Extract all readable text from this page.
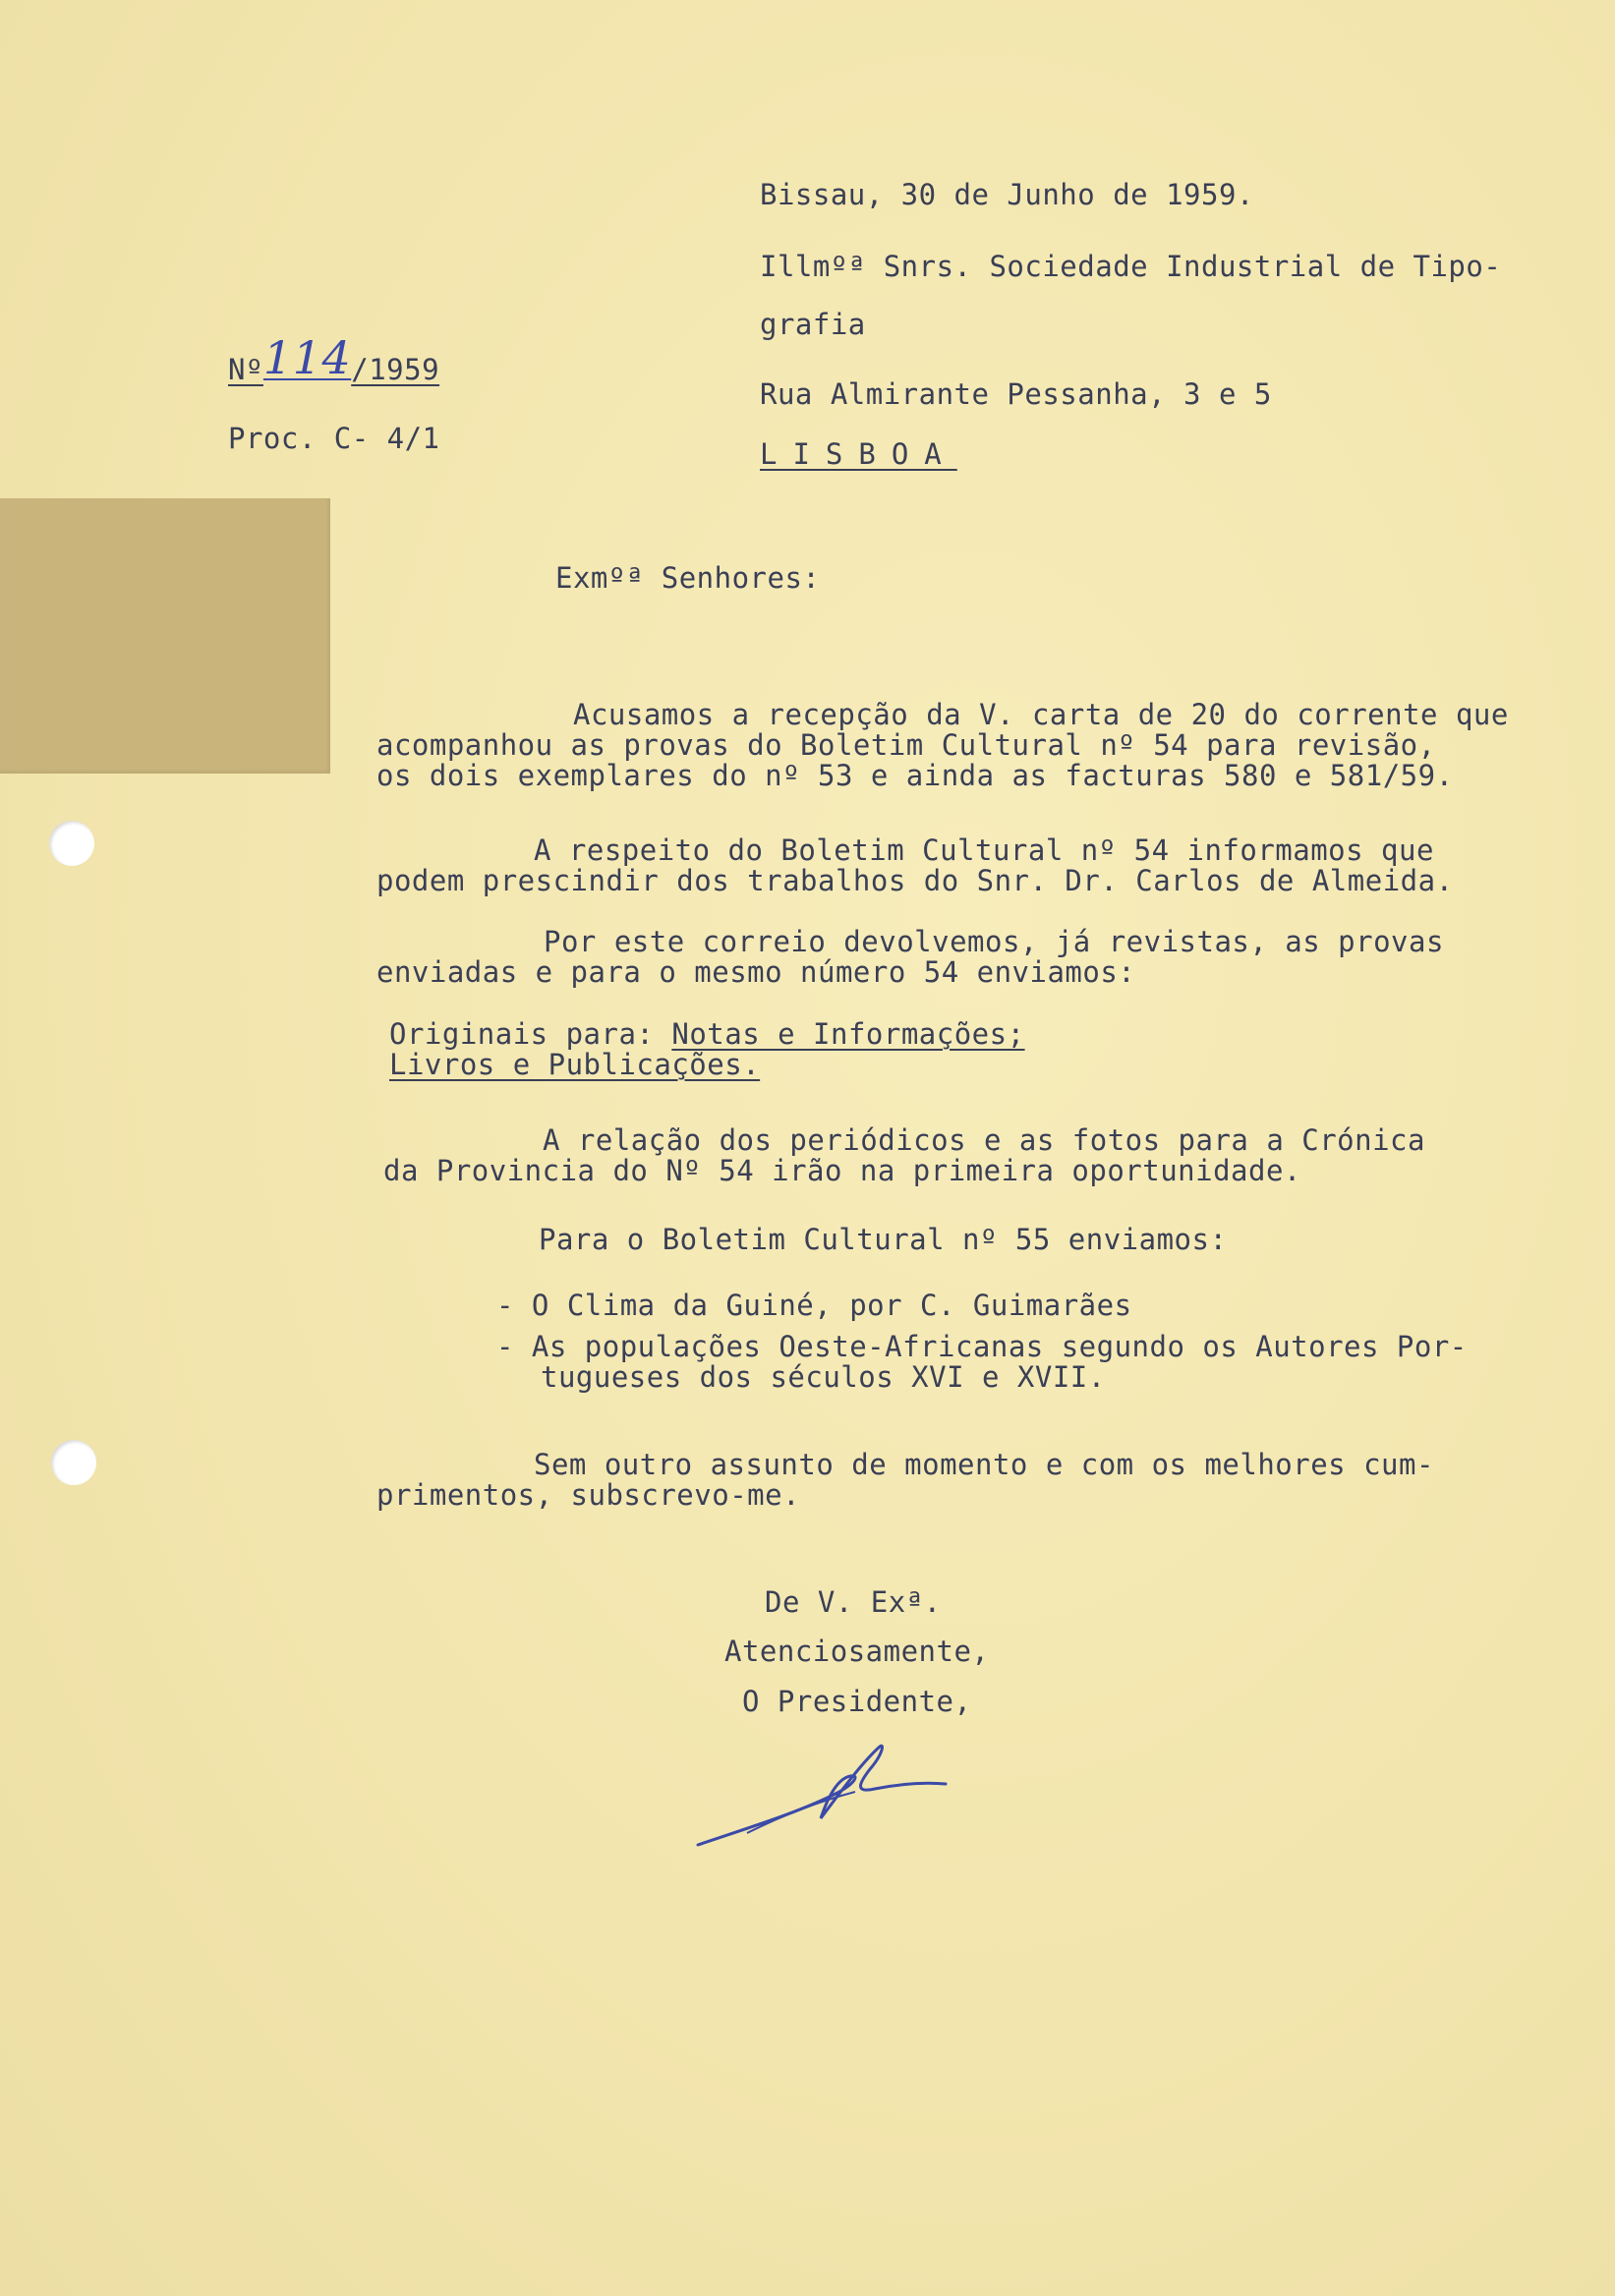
Nº114/1959
Proc. C- 4/1
Bissau, 30 de Junho de 1959.
Illmºª Snrs. Sociedade Industrial de Tipo-
grafia
Rua Almirante Pessanha, 3 e 5
LISBOA
Exmºª Senhores:
Acusamos a recepção da V. carta de 20 do corrente que
acompanhou as provas do Boletim Cultural nº 54 para revisão,
os dois exemplares do nº 53 e ainda as facturas 580 e 581/59.
A respeito do Boletim Cultural nº 54 informamos que
podem prescindir dos trabalhos do Snr. Dr. Carlos de Almeida.
Por este correio devolvemos, já revistas, as provas
enviadas e para o mesmo número 54 enviamos:
Originais para: Notas e Informações;
Livros e Publicações.
A relação dos periódicos e as fotos para a Crónica
da Provincia do Nº 54 irão na primeira oportunidade.
Para o Boletim Cultural nº 55 enviamos:
- O Clima da Guiné, por C. Guimarães
- As populações Oeste-Africanas segundo os Autores Por-
tugueses dos séculos XVI e XVII.
Sem outro assunto de momento e com os melhores cum-
primentos, subscrevo-me.
De V. Exª.
Atenciosamente,
O Presidente,
